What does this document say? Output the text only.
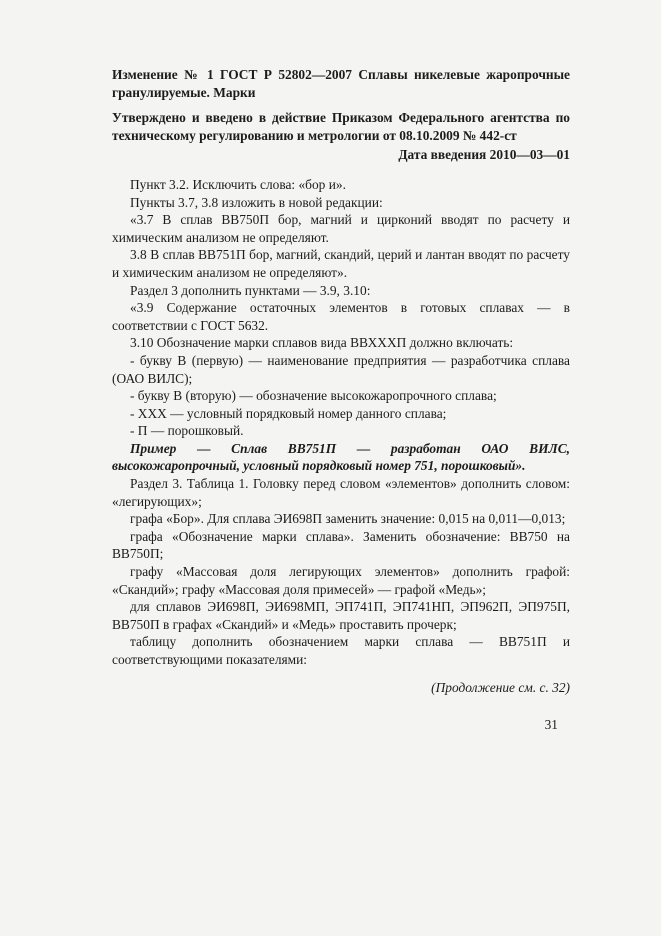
Изменение № 1 ГОСТ Р 52802—2007 Сплавы никелевые жаропрочные гранулируемые. Марки

Утверждено и введено в действие Приказом Федерального агентства по техническому регулированию и метрологии от 08.10.2009 № 442-ст

Дата введения 2010—03—01

Пункт 3.2. Исключить слова: «бор и».

Пункты 3.7, 3.8 изложить в новой редакции:

«3.7 В сплав ВВ750П бор, магний и цирконий вводят по расчету и химическим анализом не определяют.

3.8 В сплав ВВ751П бор, магний, скандий, церий и лантан вводят по расчету и химическим анализом не определяют».

Раздел 3 дополнить пунктами — 3.9, 3.10:

«3.9 Содержание остаточных элементов в готовых сплавах — в соответствии с ГОСТ 5632.

3.10 Обозначение марки сплавов вида ВВХХХП должно включать:

- букву В (первую) — наименование предприятия — разработчика сплава (ОАО ВИЛС);

- букву В (вторую) — обозначение высокожаропрочного сплава;

- ХХХ — условный порядковый номер данного сплава;

- П — порошковый.

Пример — Сплав ВВ751П — разработан ОАО ВИЛС, высокожаропрочный, условный порядковый номер 751, порошковый».

Раздел 3. Таблица 1. Головку перед словом «элементов» дополнить словом: «легирующих»;

графа «Бор». Для сплава ЭИ698П заменить значение: 0,015 на 0,011—0,013;

графа «Обозначение марки сплава». Заменить обозначение: ВВ750 на ВВ750П;

графу «Массовая доля легирующих элементов» дополнить графой: «Скандий»; графу «Массовая доля примесей» — графой «Медь»;

для сплавов ЭИ698П, ЭИ698МП, ЭП741П, ЭП741НП, ЭП962П, ЭП975П, ВВ750П в графах «Скандий» и «Медь» проставить прочерк;

таблицу дополнить обозначением марки сплава — ВВ751П и соответствующими показателями:

(Продолжение см. с. 32)
31
